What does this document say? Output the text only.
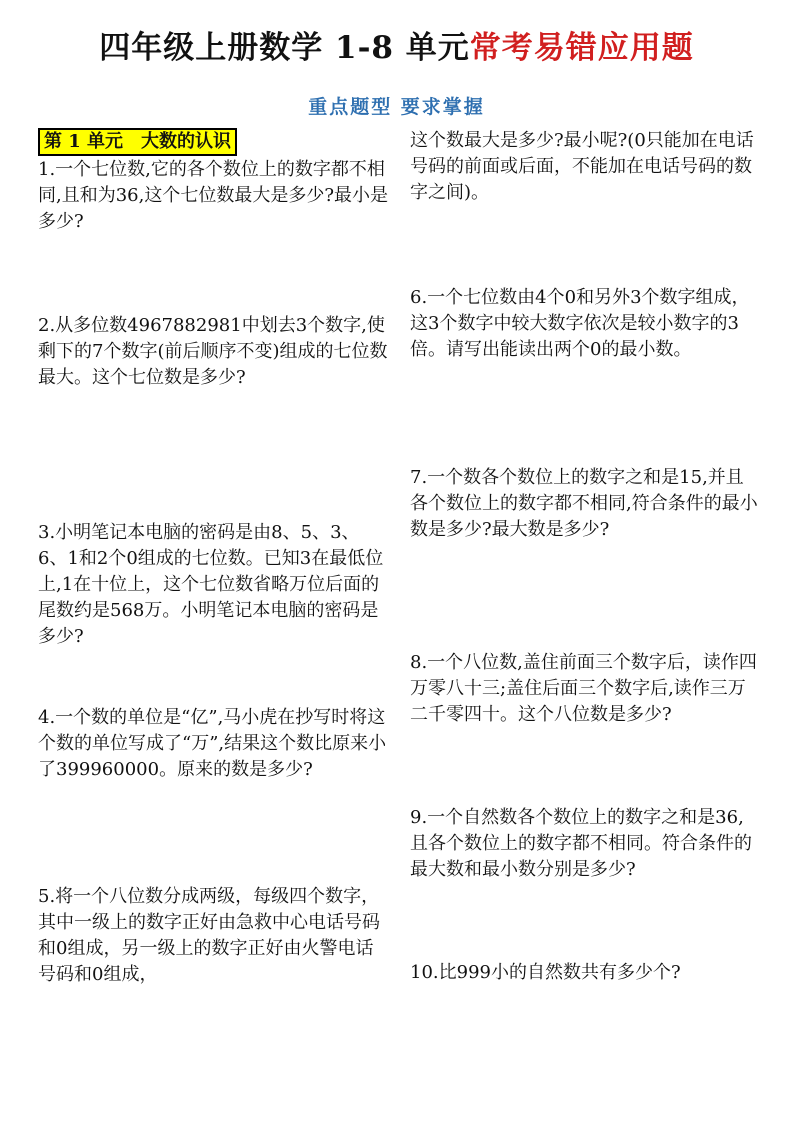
四年级上册数学 1-8 单元常考易错应用题
重点题型 要求掌握
第 1 单元　大数的认识
1.一个七位数,它的各个数位上的数字都不相同,且和为36,这个七位数最大是多少?最小是多少?
2.从多位数4967882981中划去3个数字,使剩下的7个数字(前后顺序不变)组成的七位数最大。这个七位数是多少?
3.小明笔记本电脑的密码是由8、5、3、6、1和2个0组成的七位数。已知3在最低位上,1在十位上，这个七位数省略万位后面的尾数约是568万。小明笔记本电脑的密码是多少?
4.一个数的单位是“亿”,马小虎在抄写时将这个数的单位写成了“万”,结果这个数比原来小了399960000。原来的数是多少?
5.将一个八位数分成两级，每级四个数字，其中一级上的数字正好由急救中心电话号码和0组成，另一级上的数字正好由火警电话号码和0组成，
这个数最大是多少?最小呢?(0只能加在电话号码的前面或后面，不能加在电话号码的数字之间)。
6.一个七位数由4个0和另外3个数字组成，这3个数字中较大数字依次是较小数字的3倍。请写出能读出两个0的最小数。
7.一个数各个数位上的数字之和是15,并且各个数位上的数字都不相同,符合条件的最小数是多少?最大数是多少?
8.一个八位数,盖住前面三个数字后，读作四万零八十三;盖住后面三个数字后,读作三万二千零四十。这个八位数是多少?
9.一个自然数各个数位上的数字之和是36,且各个数位上的数字都不相同。符合条件的最大数和最小数分别是多少?
10.比999小的自然数共有多少个?
